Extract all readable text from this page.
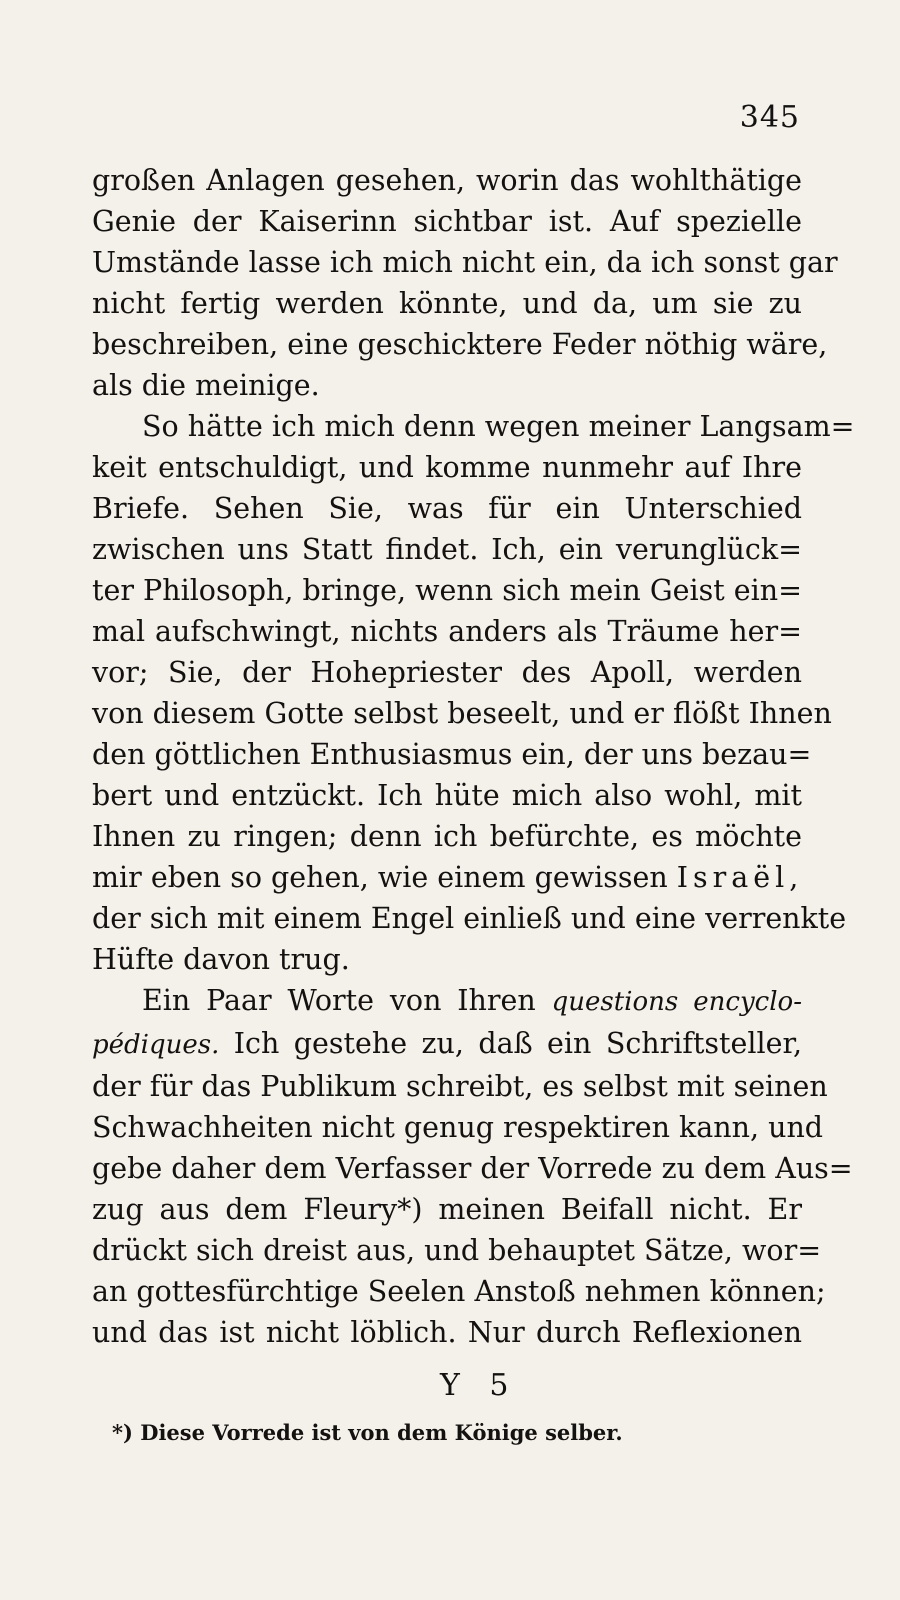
345

großen Anlagen gesehen, worin das wohlthätige
Genie der Kaiserinn sichtbar ist. Auf spezielle
Umstände lasse ich mich nicht ein, da ich sonst gar
nicht fertig werden könnte, und da, um sie zu
beschreiben, eine geschicktere Feder nöthig wäre,
als die meinige.

So hätte ich mich denn wegen meiner Langsam=
keit entschuldigt, und komme nunmehr auf Ihre
Briefe. Sehen Sie, was für ein Unterschied
zwischen uns Statt findet. Ich, ein verunglück=
ter Philosoph, bringe, wenn sich mein Geist ein=
mal aufschwingt, nichts anders als Träume her=
vor; Sie, der Hohepriester des Apoll, werden
von diesem Gotte selbst beseelt, und er flößt Ihnen
den göttlichen Enthusiasmus ein, der uns bezau=
bert und entzückt. Ich hüte mich also wohl, mit
Ihnen zu ringen; denn ich befürchte, es möchte
mir eben so gehen, wie einem gewissen Israël,
der sich mit einem Engel einließ und eine verrenkte
Hüfte davon trug.

Ein Paar Worte von Ihren questions encyclo-
pédiques. Ich gestehe zu, daß ein Schriftsteller,
der für das Publikum schreibt, es selbst mit seinen
Schwachheiten nicht genug respektiren kann, und
gebe daher dem Verfasser der Vorrede zu dem Aus=
zug aus dem Fleury*) meinen Beifall nicht. Er
drückt sich dreist aus, und behauptet Sätze, wor=
an gottesfürchtige Seelen Anstoß nehmen können;
und das ist nicht löblich. Nur durch Reflexionen

Y 5
*) Diese Vorrede ist von dem Könige selber.
